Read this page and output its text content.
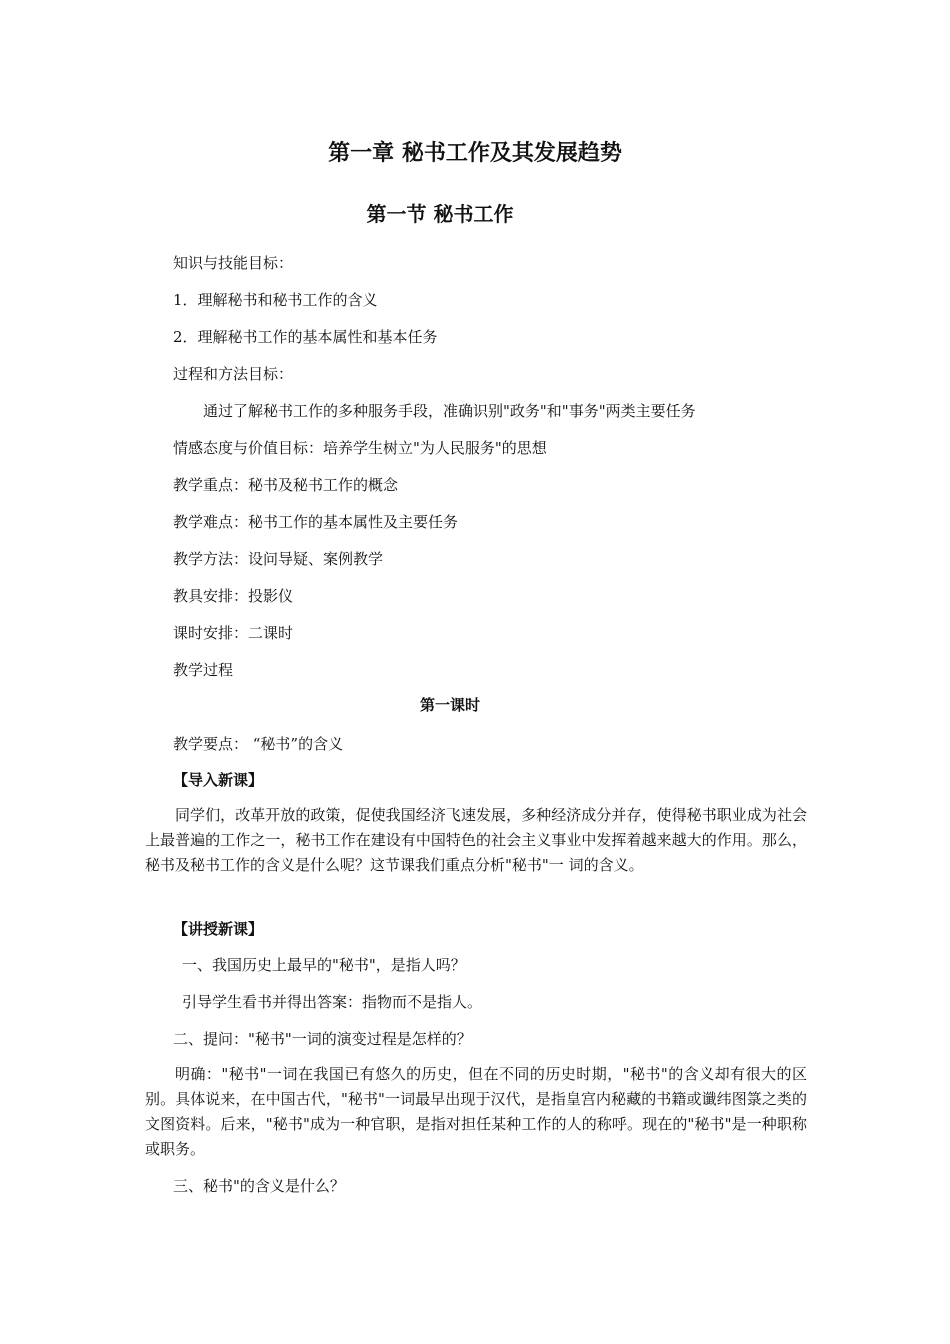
第一章 秘书工作及其发展趋势
第一节 秘书工作
知识与技能目标：
1．理解秘书和秘书工作的含义
2．理解秘书工作的基本属性和基本任务
过程和方法目标：
通过了解秘书工作的多种服务手段，准确识别"政务"和"事务"两类主要任务
情感态度与价值目标：培养学生树立"为人民服务"的思想
教学重点：秘书及秘书工作的概念
教学难点：秘书工作的基本属性及主要任务
教学方法：设问导疑、案例教学
教具安排：投影仪
课时安排：二课时
教学过程
第一课时
教学要点： “秘书”的含义
【导入新课】
同学们，改革开放的政策，促使我国经济飞速发展，多种经济成分并存，使得秘书职业成为社会上最普遍的工作之一，秘书工作在建设有中国特色的社会主义事业中发挥着越来越大的作用。那么，秘书及秘书工作的含义是什么呢？这节课我们重点分析"秘书"一 词的含义。
【讲授新课】
一、我国历史上最早的"秘书"，是指人吗？
引导学生看书并得出答案：指物而不是指人。
二、提问："秘书"一词的演变过程是怎样的？
明确："秘书"一词在我国已有悠久的历史，但在不同的历史时期，"秘书"的含义却有很大的区别。具体说来，在中国古代，"秘书"一词最早出现于汉代，是指皇宫内秘藏的书籍或谶纬图箓之类的文图资料。后来，"秘书"成为一种官职，是指对担任某种工作的人的称呼。现在的"秘书"是一种职称或职务。
三、秘书"的含义是什么？
